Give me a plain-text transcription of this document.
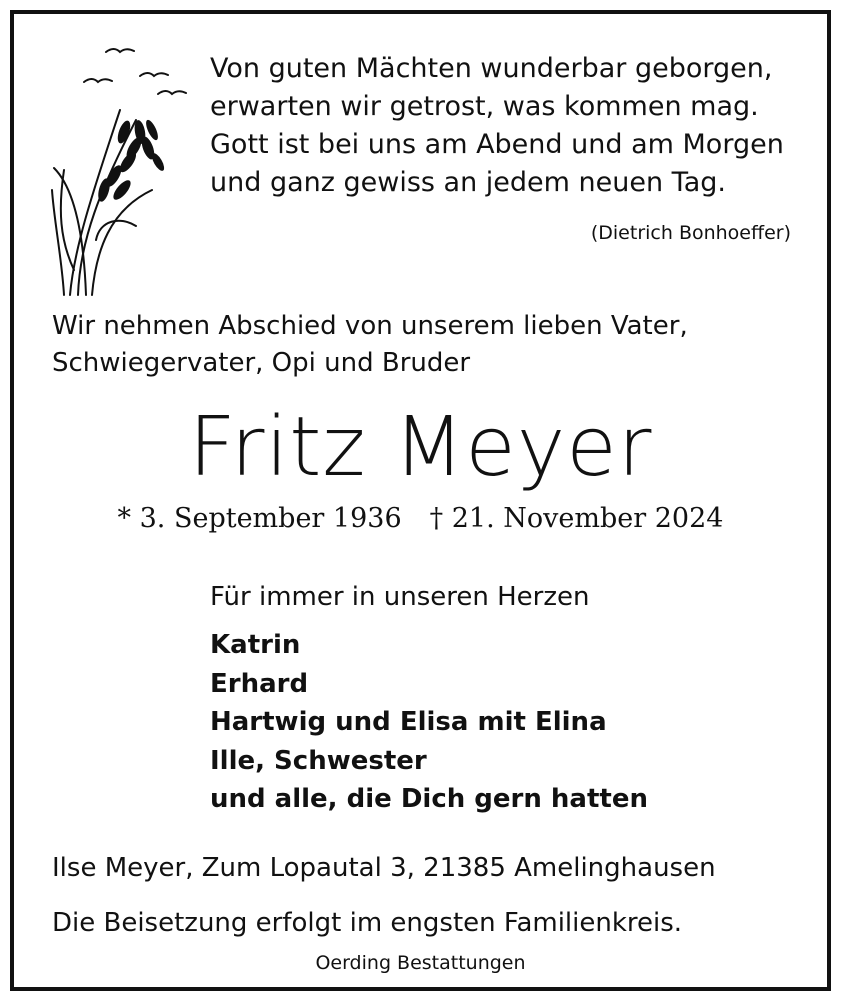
Von guten Mächten wunderbar geborgen,
erwarten wir getrost, was kommen mag.
Gott ist bei uns am Abend und am Morgen
und ganz gewiss an jedem neuen Tag.
(Dietrich Bonhoeffer)
Wir nehmen Abschied von unserem lieben Vater,
Schwiegervater, Opi und Bruder
Fritz Meyer
* 3. September 1936 † 21. November 2024
Für immer in unseren Herzen
Katrin
Erhard
Hartwig und Elisa mit Elina
Ille, Schwester
und alle, die Dich gern hatten
Ilse Meyer, Zum Lopautal 3, 21385 Amelinghausen
Die Beisetzung erfolgt im engsten Familienkreis.
Oerding Bestattungen
